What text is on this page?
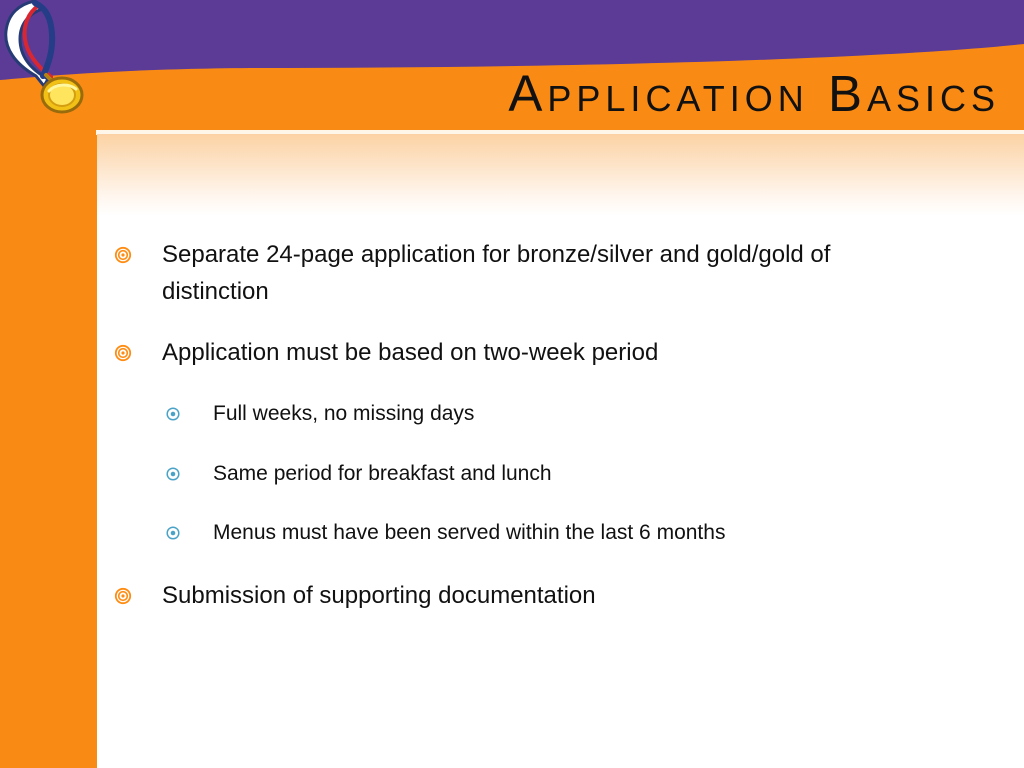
Application Basics
Separate 24-page application for bronze/silver and gold/gold of distinction
Application must be based on two-week period
Full weeks, no missing days
Same period for breakfast and lunch
Menus must have been served within the last 6 months
Submission of supporting documentation
